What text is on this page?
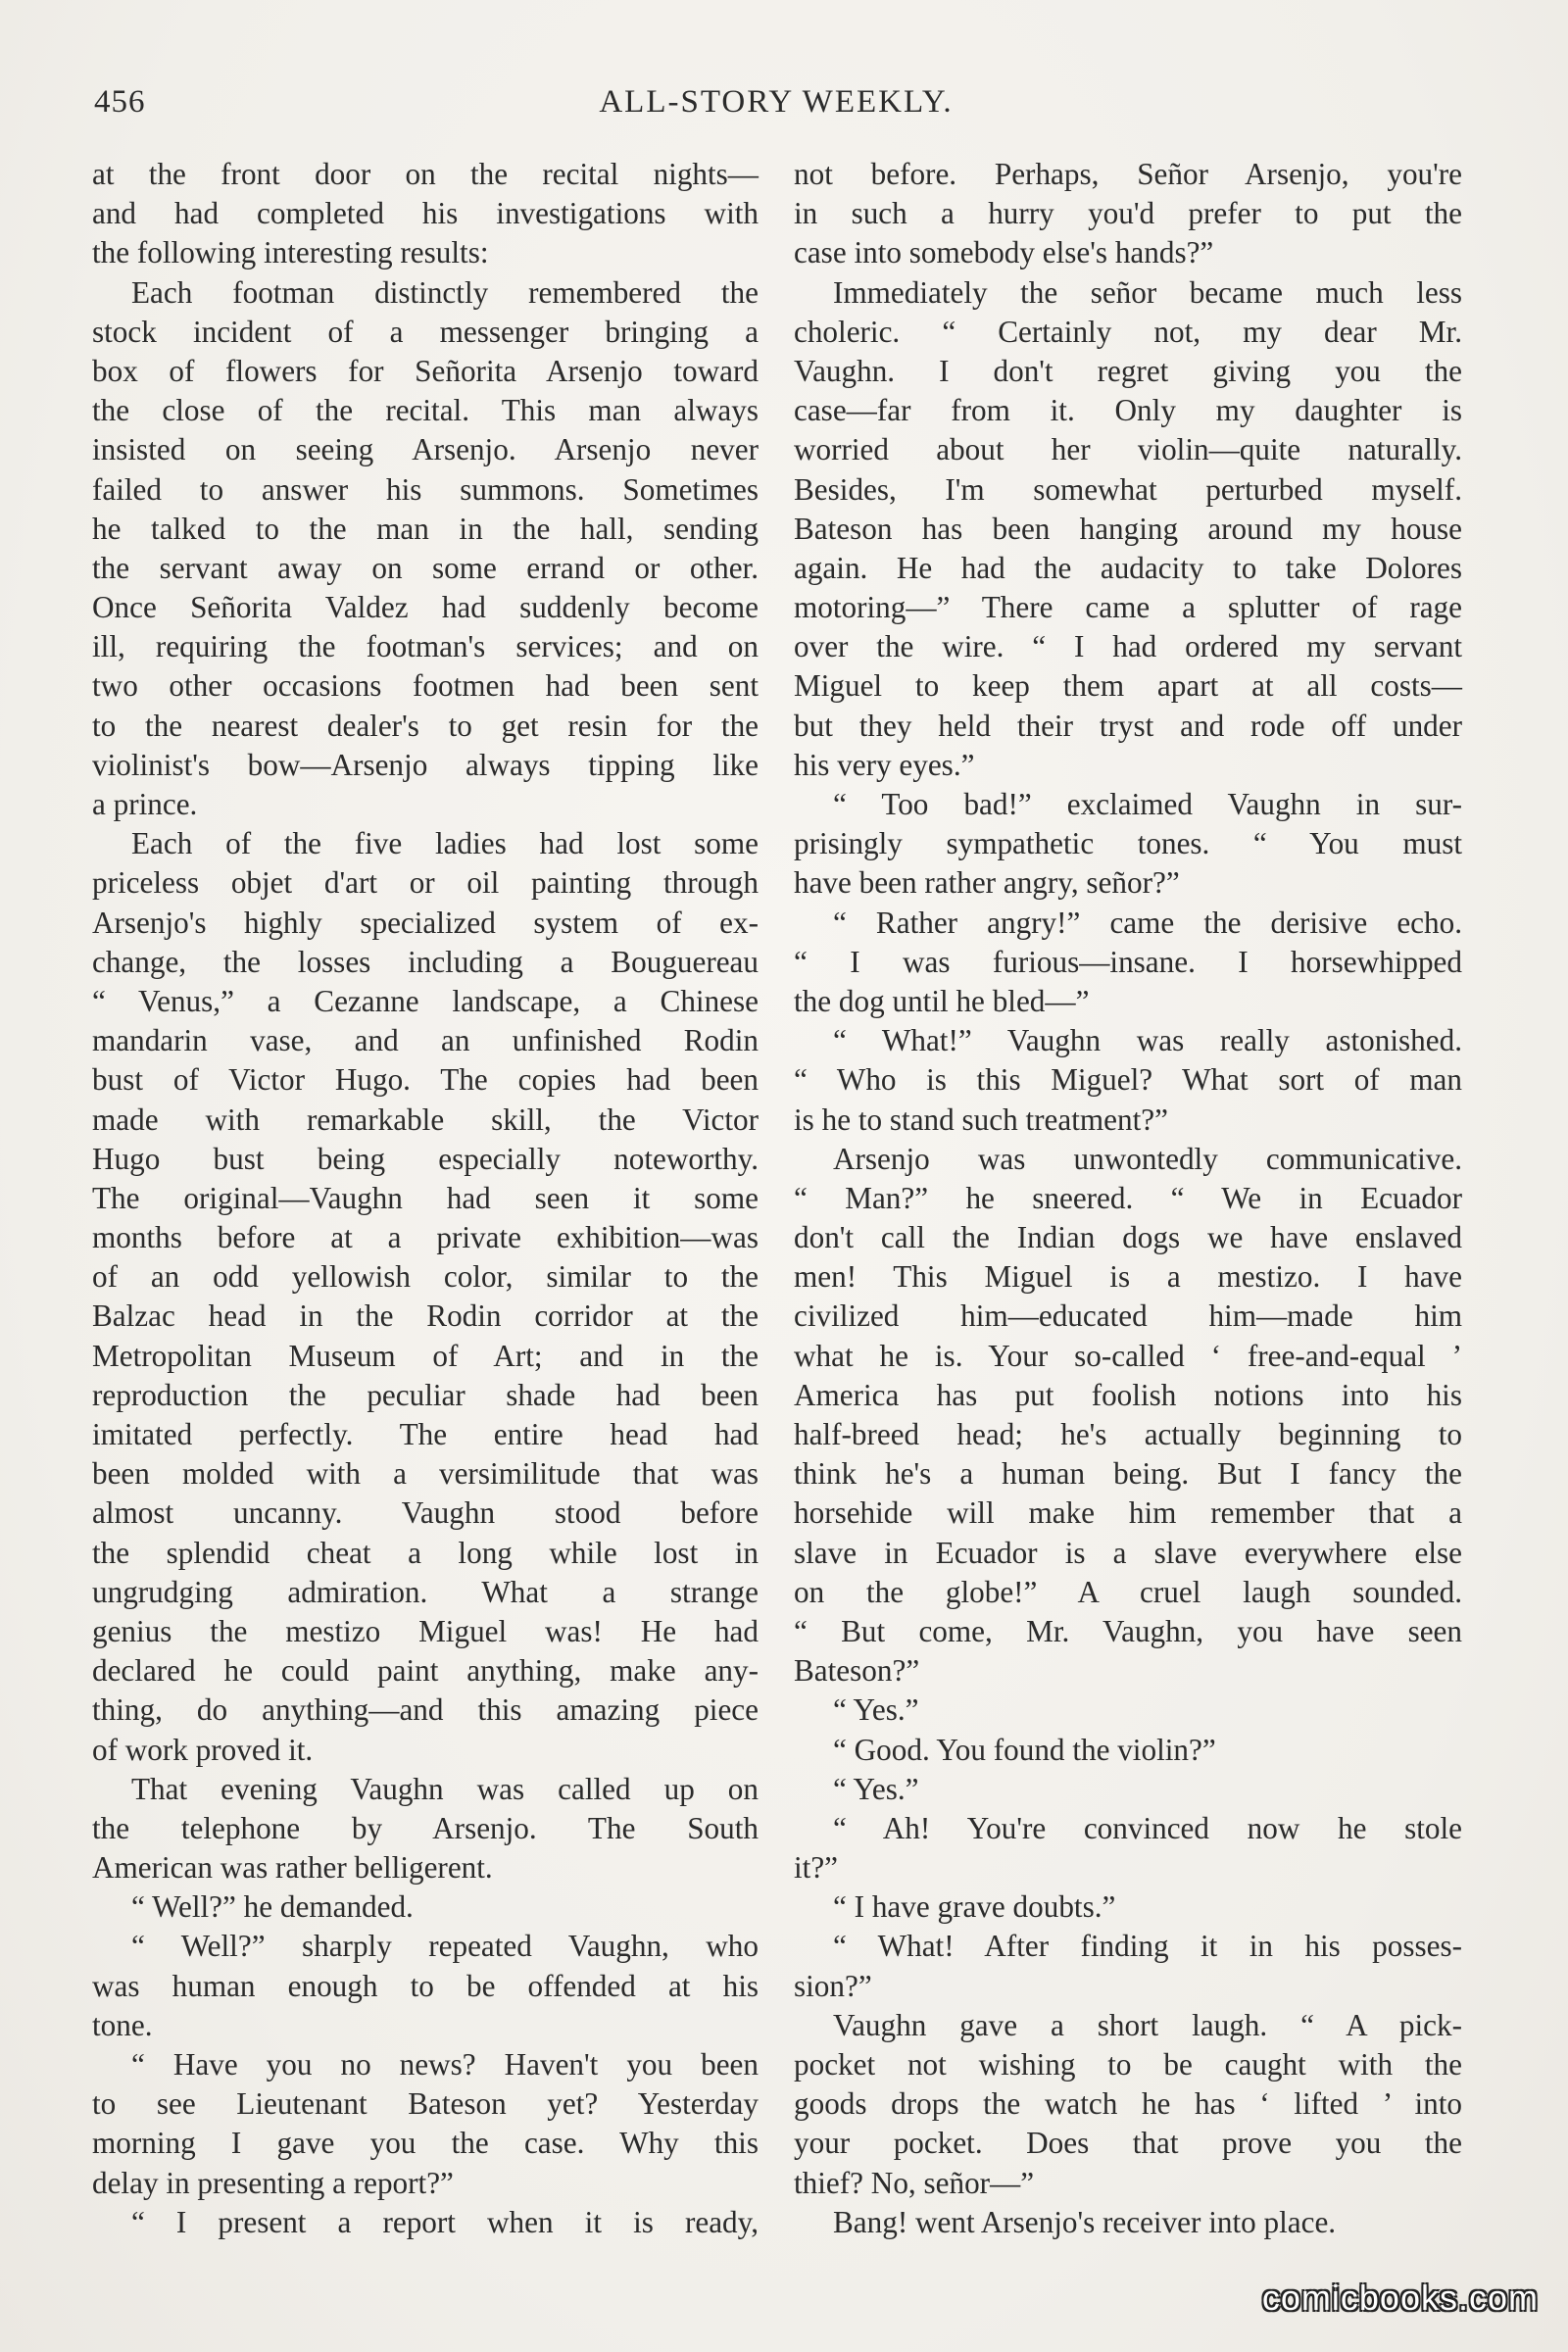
456	ALL-STORY WEEKLY.
at the front door on the recital nights—
and had completed his investigations with
the following interesting results:
Each footman distinctly remembered the
stock incident of a messenger bringing a
box of flowers for Señorita Arsenjo toward
the close of the recital. This man always
insisted on seeing Arsenjo. Arsenjo never
failed to answer his summons. Sometimes
he talked to the man in the hall, sending
the servant away on some errand or other.
Once Señorita Valdez had suddenly become
ill, requiring the footman's services; and on
two other occasions footmen had been sent
to the nearest dealer's to get resin for the
violinist's bow—Arsenjo always tipping like
a prince.
Each of the five ladies had lost some
priceless objet d'art or oil painting through
Arsenjo's highly specialized system of ex-
change, the losses including a Bouguereau
“ Venus,” a Cezanne landscape, a Chinese
mandarin vase, and an unfinished Rodin
bust of Victor Hugo. The copies had been
made with remarkable skill, the Victor
Hugo bust being especially noteworthy.
The original—Vaughn had seen it some
months before at a private exhibition—was
of an odd yellowish color, similar to the
Balzac head in the Rodin corridor at the
Metropolitan Museum of Art; and in the
reproduction the peculiar shade had been
imitated perfectly. The entire head had
been molded with a versimilitude that was
almost uncanny. Vaughn stood before
the splendid cheat a long while lost in
ungrudging admiration. What a strange
genius the mestizo Miguel was! He had
declared he could paint anything, make any-
thing, do anything—and this amazing piece
of work proved it.
That evening Vaughn was called up on
the telephone by Arsenjo. The South
American was rather belligerent.
“ Well?” he demanded.
“ Well?” sharply repeated Vaughn, who
was human enough to be offended at his
tone.
“ Have you no news? Haven't you been
to see Lieutenant Bateson yet? Yesterday
morning I gave you the case. Why this
delay in presenting a report?”
“ I present a report when it is ready,
not before. Perhaps, Señor Arsenjo, you're
in such a hurry you'd prefer to put the
case into somebody else's hands?”
Immediately the señor became much less
choleric. “ Certainly not, my dear Mr.
Vaughn. I don't regret giving you the
case—far from it. Only my daughter is
worried about her violin—quite naturally.
Besides, I'm somewhat perturbed myself.
Bateson has been hanging around my house
again. He had the audacity to take Dolores
motoring—” There came a splutter of rage
over the wire. “ I had ordered my servant
Miguel to keep them apart at all costs—
but they held their tryst and rode off under
his very eyes.”
“ Too bad!” exclaimed Vaughn in sur-
prisingly sympathetic tones. “ You must
have been rather angry, señor?”
“ Rather angry!” came the derisive echo.
“ I was furious—insane. I horsewhipped
the dog until he bled—”
“ What!” Vaughn was really astonished.
“ Who is this Miguel? What sort of man
is he to stand such treatment?”
Arsenjo was unwontedly communicative.
“ Man?” he sneered. “ We in Ecuador
don't call the Indian dogs we have enslaved
men! This Miguel is a mestizo. I have
civilized him—educated him—made him
what he is. Your so-called ‘ free-and-equal ’
America has put foolish notions into his
half-breed head; he's actually beginning to
think he's a human being. But I fancy the
horsehide will make him remember that a
slave in Ecuador is a slave everywhere else
on the globe!” A cruel laugh sounded.
“ But come, Mr. Vaughn, you have seen
Bateson?”
“ Yes.”
“ Good. You found the violin?”
“ Yes.”
“ Ah! You're convinced now he stole
it?”
“ I have grave doubts.”
“ What! After finding it in his posses-
sion?”
Vaughn gave a short laugh. “ A pick-
pocket not wishing to be caught with the
goods drops the watch he has ‘ lifted ’ into
your pocket. Does that prove you the
thief? No, señor—”
Bang! went Arsenjo's receiver into place.
comicbooks.com
